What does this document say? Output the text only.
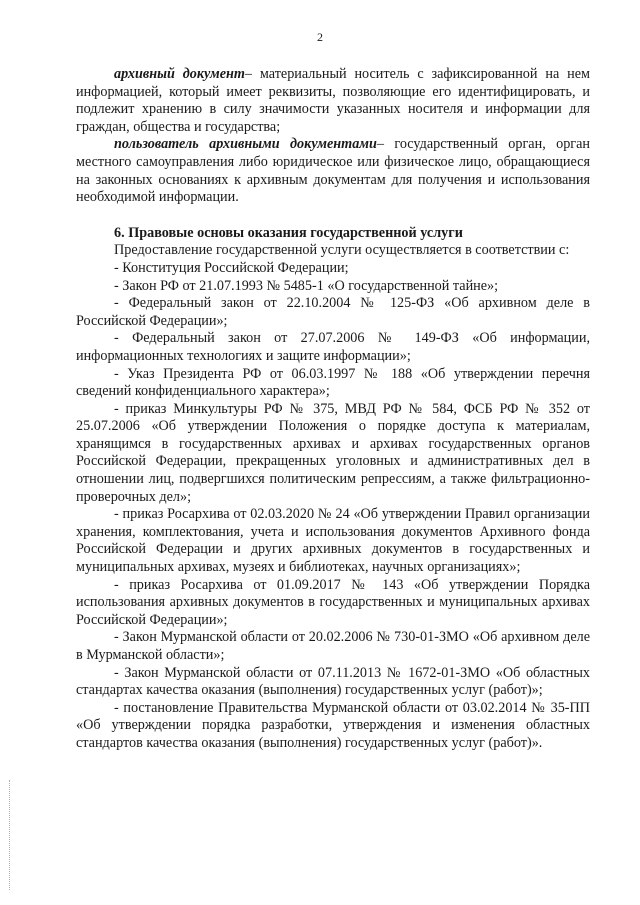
2

архивный документ– материальный носитель с зафиксированной на нем информацией, который имеет реквизиты, позволяющие его идентифицировать, и подлежит хранению в силу значимости указанных носителя и информации для граждан, общества и государства;

пользователь архивными документами– государственный орган, орган местного самоуправления либо юридическое или физическое лицо, обращающиеся на законных основаниях к архивным документам для получения и использования необходимой информации.

6. Правовые основы оказания государственной услуги

Предоставление государственной услуги осуществляется в соответствии с:

- Конституция Российской Федерации;

- Закон РФ от 21.07.1993 № 5485-1 «О государственной тайне»;

- Федеральный закон от 22.10.2004 № 125-ФЗ «Об архивном деле в Российской Федерации»;

- Федеральный закон от 27.07.2006 № 149-ФЗ «Об информации, информационных технологиях и защите информации»;

- Указ Президента РФ от 06.03.1997 № 188 «Об утверждении перечня сведений конфиденциального характера»;

- приказ Минкультуры РФ № 375, МВД РФ № 584, ФСБ РФ № 352 от 25.07.2006 «Об утверждении Положения о порядке доступа к материалам, хранящимся в государственных архивах и архивах государственных органов Российской Федерации, прекращенных уголовных и административных дел в отношении лиц, подвергшихся политическим репрессиям, а также фильтрационно-проверочных дел»;

- приказ Росархива от 02.03.2020 № 24 «Об утверждении Правил организации хранения, комплектования, учета и использования документов Архивного фонда Российской Федерации и других архивных документов в государственных и муниципальных архивах, музеях и библиотеках, научных организациях»;

- приказ Росархива от 01.09.2017 № 143 «Об утверждении Порядка использования архивных документов в государственных и муниципальных архивах Российской Федерации»;

- Закон Мурманской области от 20.02.2006 № 730-01-ЗМО «Об архивном деле в Мурманской области»;

- Закон Мурманской области от 07.11.2013 № 1672-01-ЗМО «Об областных стандартах качества оказания (выполнения) государственных услуг (работ)»;

- постановление Правительства Мурманской области от 03.02.2014 № 35-ПП «Об утверждении порядка разработки, утверждения и изменения областных стандартов качества оказания (выполнения) государственных услуг (работ)».
